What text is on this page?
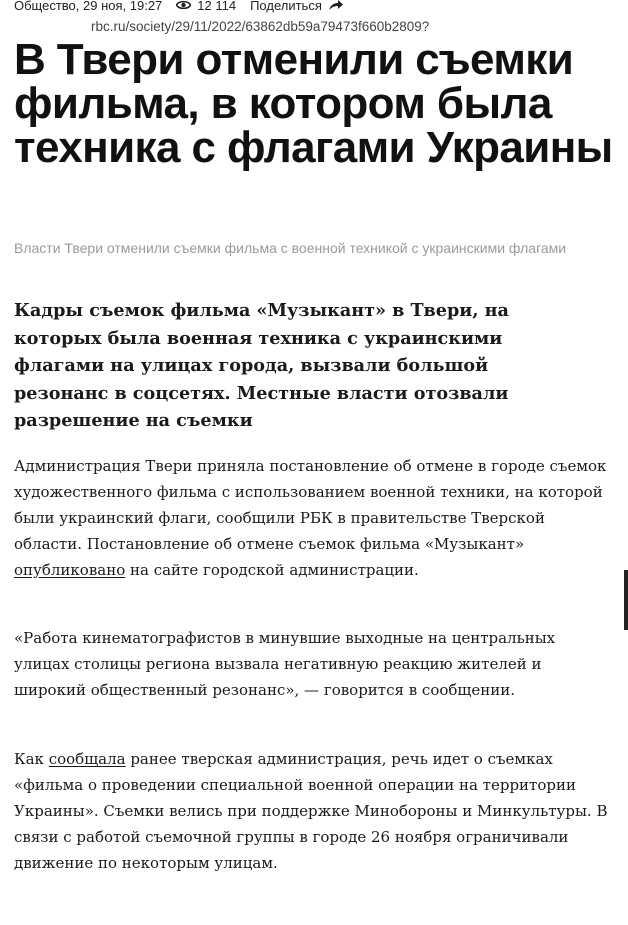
Общество, 29 ноя, 19:27	12 114 Поделиться
rbc.ru/society/29/11/2022/63862db59a79473f660b2809?
В Твери отменили съемки фильма, в котором была техника с флагами Украины

Власти Твери отменили съемки фильма с военной техникой с украинскими флагами

Кадры съемок фильма «Музыкант» в Твери, на которых была военная техника с украинскими флагами на улицах города, вызвали большой резонанс в соцсетях. Местные власти отозвали разрешение на съемки

Администрация Твери приняла постановление об отмене в городе съемок художественного фильма с использованием военной техники, на которой были украинский флаги, сообщили РБК в правительстве Тверской области. Постановление об отмене съемок фильма «Музыкант» опубликовано на сайте городской администрации.

«Работа кинематографистов в минувшие выходные на центральных улицах столицы региона вызвала негативную реакцию жителей и широкий общественный резонанс», — говорится в сообщении.

Как сообщала ранее тверская администрация, речь идет о съемках «фильма о проведении специальной военной операции на территории Украины». Съемки велись при поддержке Минобороны и Минкультуры. В связи с работой съемочной группы в городе 26 ноября ограничивали движение по некоторым улицам.
